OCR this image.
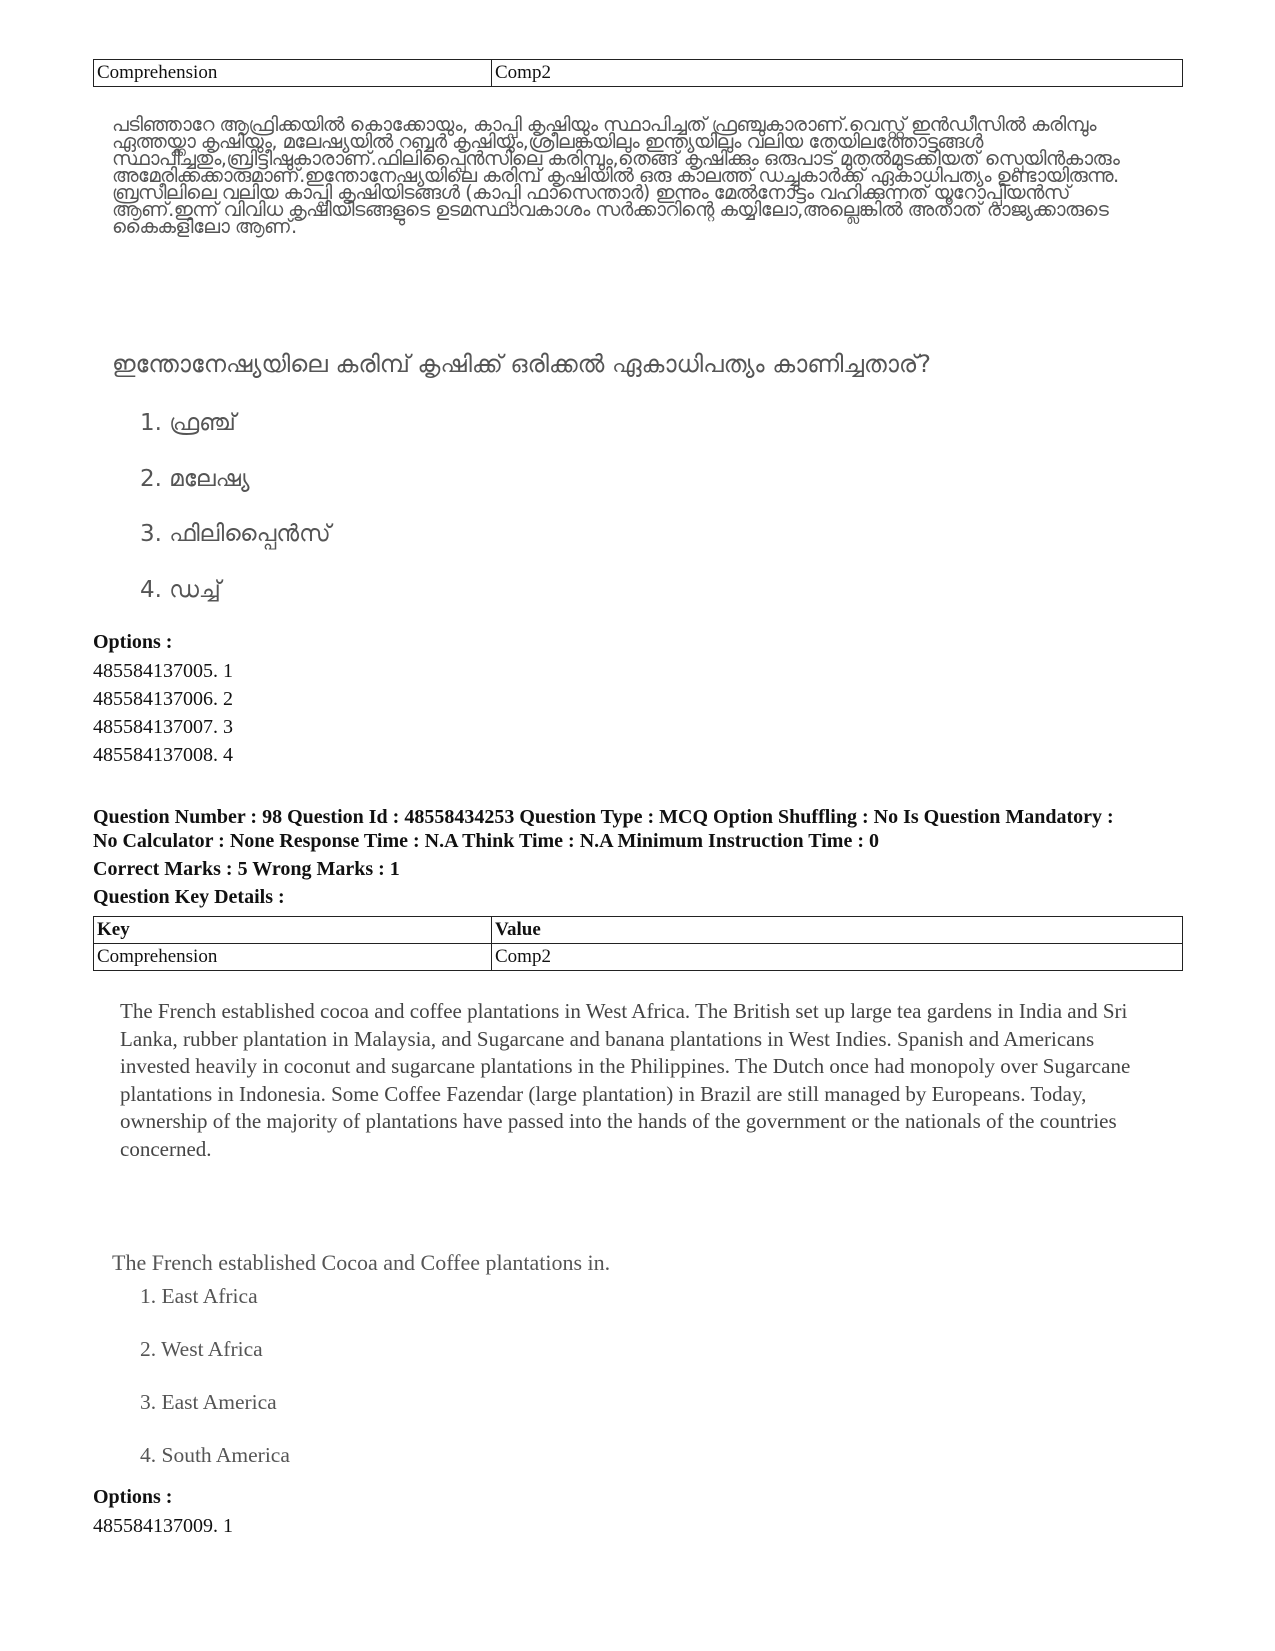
Comprehension	Comp2

പടിഞ്ഞാറേ ആഫ്രിക്കയിൽ കൊക്കോയും, കാപ്പി കൃഷിയും സ്ഥാപിച്ചത് ഫ്രഞ്ചുകാരാണ്.വെസ്റ്റ് ഇൻഡീസിൽ കരിമ്പും ഏത്തയ്ക്കാ കൃഷിയും, മലേഷ്യയിൽ റബ്ബർ കൃഷിയും,ശ്രീലങ്കയിലും ഇന്ത്യയിലും വലിയ തേയിലത്തോട്ടങ്ങൾ സ്ഥാപിച്ചതും,ബ്രിട്ടീഷുകാരാണ്.ഫിലിപ്പൈൻസിലെ കരിമ്പും,തെങ്ങ് കൃഷിക്കും ഒരുപാട് മുതൽമുടക്കിയത് സ്പെയിൻകാരും അമേരിക്കക്കാരുമാണ്.ഇന്തോനേഷ്യയിലെ കരിമ്പ് കൃഷിയിൽ ഒരു കാലത്ത് ഡച്ചുകാർക്ക് ഏകാധിപത്യം ഉണ്ടായിരുന്നു. ബ്രസീലിലെ വലിയ കാപ്പി കൃഷിയിടങ്ങൾ (കാപ്പി ഫാസെന്താർ) ഇന്നും മേൽനോട്ടം വഹിക്കുന്നത് യൂറോപ്പിയൻസ് ആണ്.ഇന്ന് വിവിധ കൃഷിയിടങ്ങളുടെ ഉടമസ്ഥാവകാശം സർക്കാറിന്റെ കയ്യിലോ,അല്ലെങ്കിൽ അതാത് രാജ്യക്കാരുടെ കൈകളിലോ ആണ്.

ഇന്തോനേഷ്യയിലെ കരിമ്പ് കൃഷിക്ക് ഒരിക്കൽ ഏകാധിപത്യം കാണിച്ചതാര്?
1. ഫ്രഞ്ച്
2. മലേഷ്യ
3. ഫിലിപ്പൈൻസ്
4. ഡച്ച്
Options :
485584137005. 1
485584137006. 2
485584137007. 3
485584137008. 4
Question Number : 98 Question Id : 48558434253 Question Type : MCQ Option Shuffling : No Is Question Mandatory :
No Calculator : None Response Time : N.A Think Time : N.A Minimum Instruction Time : 0
Correct Marks : 5 Wrong Marks : 1
Question Key Details :
Key	Value
Comprehension	Comp2

The French established cocoa and coffee plantations in West Africa. The British set up large tea gardens in India and Sri Lanka, rubber plantation in Malaysia, and Sugarcane and banana plantations in West Indies. Spanish and Americans invested heavily in coconut and sugarcane plantations in the Philippines. The Dutch once had monopoly over Sugarcane plantations in Indonesia. Some Coffee Fazendar (large plantation) in Brazil are still managed by Europeans. Today, ownership of the majority of plantations have passed into the hands of the government or the nationals of the countries concerned.

The French established Cocoa and Coffee plantations in.
1. East Africa
2. West Africa
3. East America
4. South America
Options :
485584137009. 1
